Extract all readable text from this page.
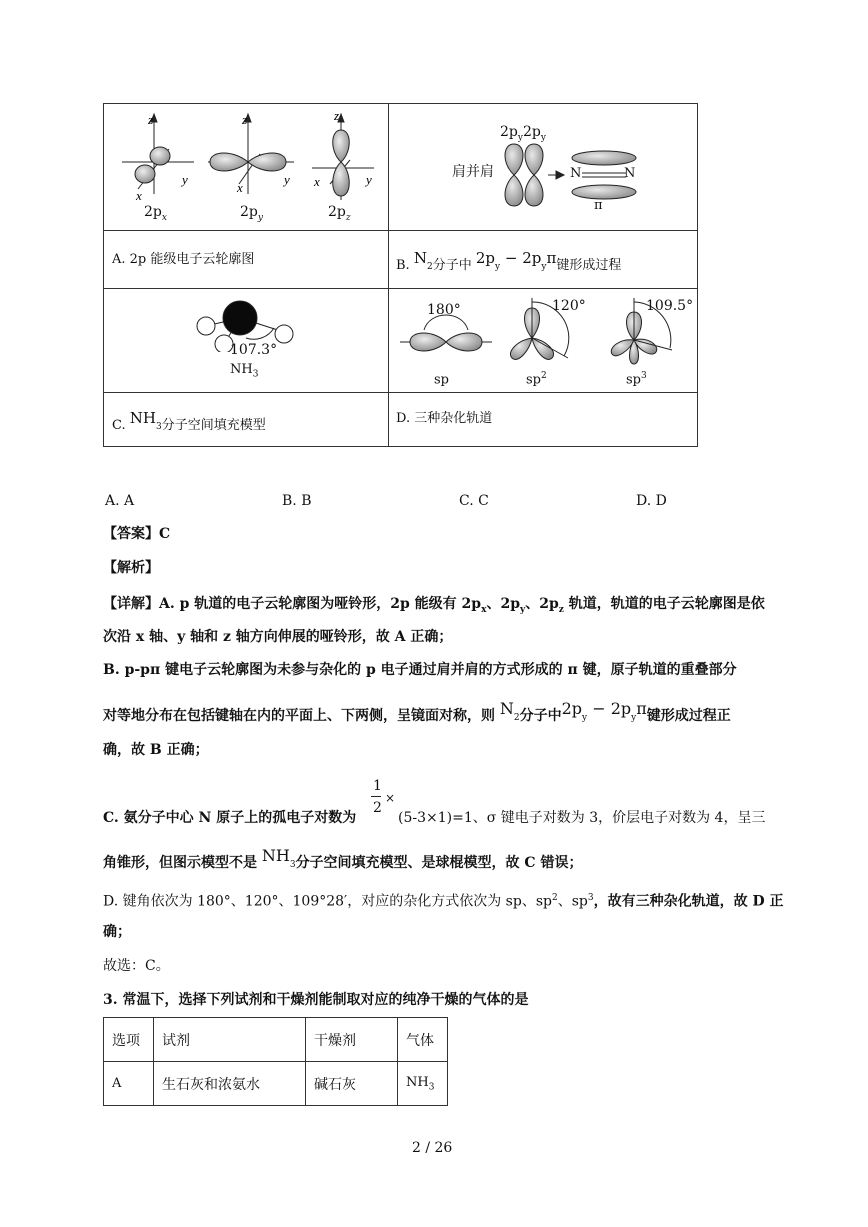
z
y
x
z
y
x
z
y
x
$2p_x$	$2p_y$	$2p_z$
$2p_y2p_y$
肩并肩	N	N
π
A. 2p 能级电子云轮廓图	B. $N_2$分子中 $2p_y - 2p_y\pi$键形成过程
107.3°
$NH_3$
C. $NH_3$分子空间填充模型
180°	120°	109.5°
sp	$sp^2$	$sp^3$
D. 三种杂化轨道
A. A	B. B	C. C	D. D
【答案】C
【解析】
【详解】A. p 轨道的电子云轮廓图为哑铃形，2p 能级有 $2p_x$、$2p_y$、$2p_z$ 轨道，轨道的电子云轮廓图是依
次沿 x 轴、y 轴和 z 轴方向伸展的哑铃形，故 A 正确；
B. p-pπ 键电子云轮廓图为未参与杂化的 p 电子通过肩并肩的方式形成的 π 键，原子轨道的重叠部分
对等地分布在包括键轴在内的平面上、下两侧，呈镜面对称，则 $N_2$分子中$2p_y - 2p_y\pi$键形成过程正
确，故 B 正确；
1
2
×
C. 氨分子中心 N 原子上的孤电子对数为	(5-3×1)=1、σ 键电子对数为 3，价层电子对数为 4，呈三
角锥形，但图示模型不是 $NH_3$分子空间填充模型、是球棍模型，故 C 错误；
D. 键角依次为 180°、120°、109°28′，对应的杂化方式依次为 sp、$sp^2$、$sp^3$，故有三种杂化轨道，故 D 正
确；
故选：C。
3. 常温下，选择下列试剂和干燥剂能制取对应的纯净干燥的气体的是
选项	试剂	干燥剂	气体
A	生石灰和浓氨水	碱石灰	$NH_3$
2 / 26
